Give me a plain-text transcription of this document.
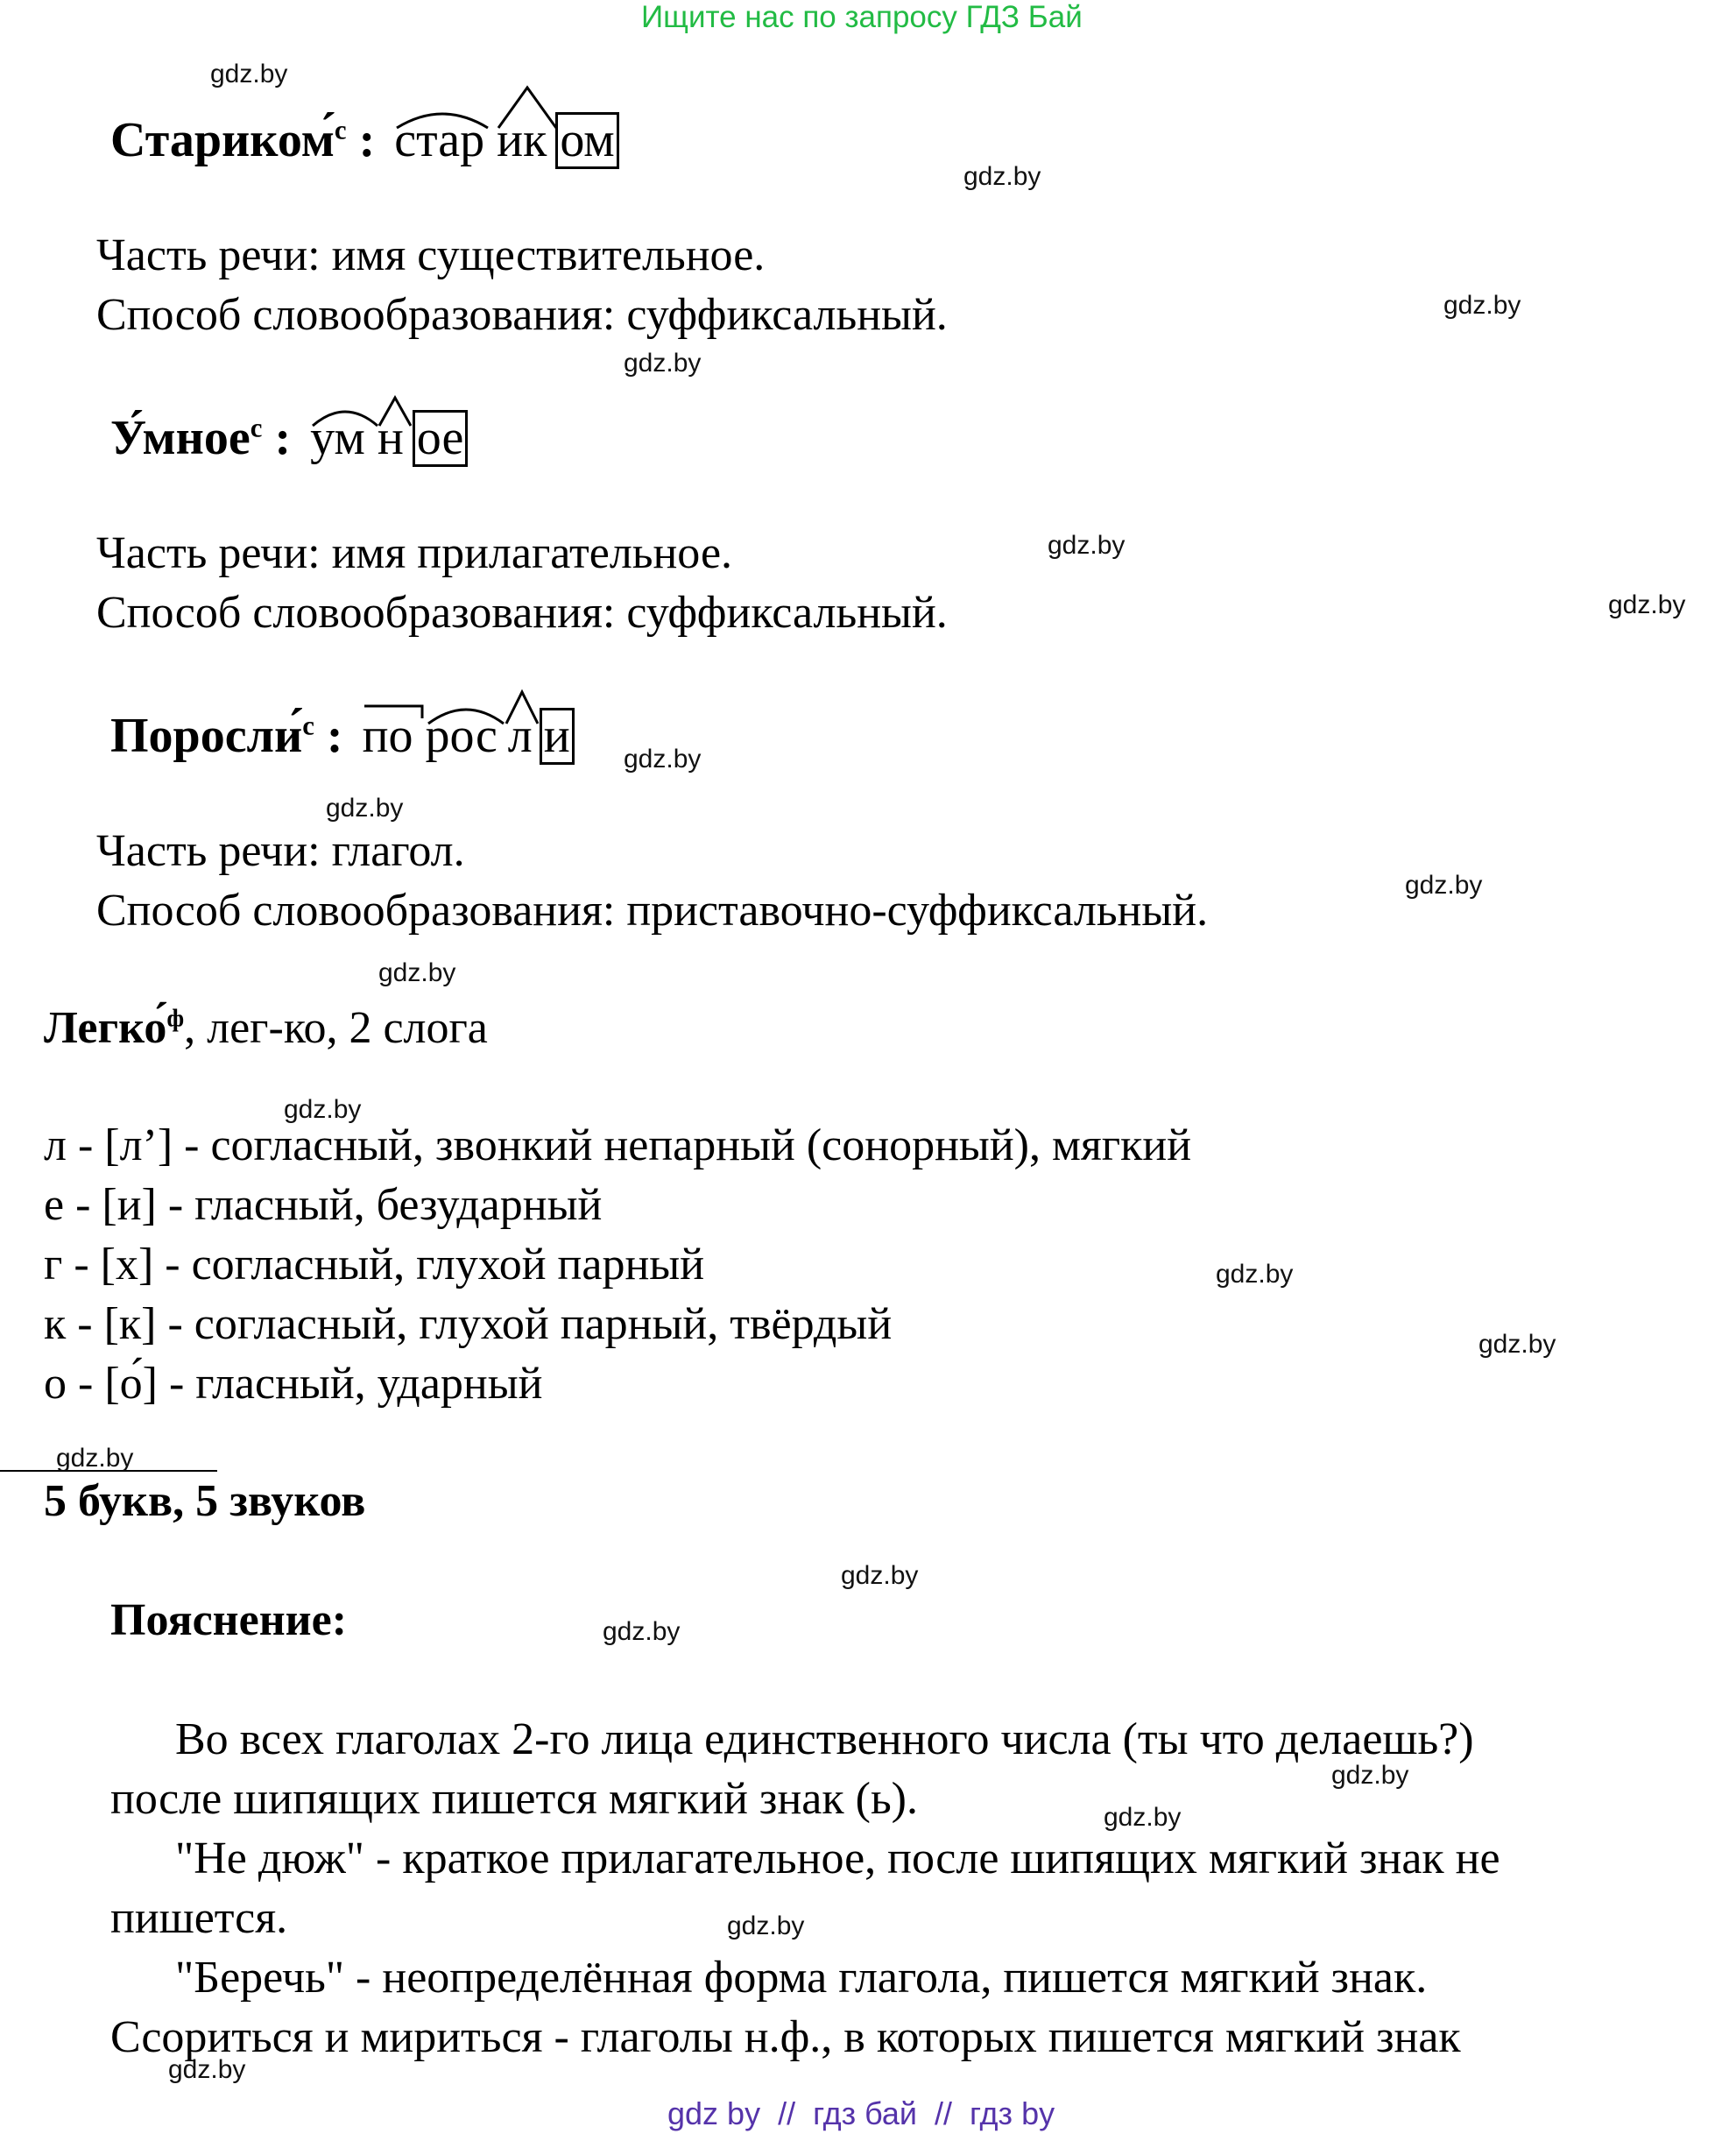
Ищите нас по запросу ГДЗ Бай
gdz.by
gdz.by
gdz.by
gdz.by
gdz.by
gdz.by
gdz.by
gdz.by
gdz.by
gdz.by
gdz.by
gdz.by
gdz.by
gdz.by
gdz.by
gdz.by
gdz.by
gdz.by
gdz.by
gdz.by
Стариком́$^с$ : стар ик ом
Часть речи: имя существительное.
Способ словообразования: суффиксальный.
У́мное$^с$ : ум н ое
Часть речи: имя прилагательное.
Способ словообразования: суффиксальный.
Поросли́$^с$ : по рос л и
Часть речи: глагол.
Способ словообразования: приставочно-суффиксальный.
Легко́$^ф$, лег-ко, 2 слога
л - [л’] - согласный, звонкий непарный (сонорный), мягкий
е - [и] - гласный, безударный
г - [х] - согласный, глухой парный
к - [к] - согласный, глухой парный, твёрдый
о - [о́] - гласный, ударный
5 букв, 5 звуков
Пояснение:
Во всех глаголах 2-го лица единственного числа (ты что делаешь?)
после шипящих пишется мягкий знак (ь).
"Не дюж" - краткое прилагательное, после шипящих мягкий знак не
пишется.
"Беречь" - неопределённая форма глагола, пишется мягкий знак.
Ссориться и мириться - глаголы н.ф., в которых пишется мягкий знак
gdz by  //  гдз бай  //  гдз by
